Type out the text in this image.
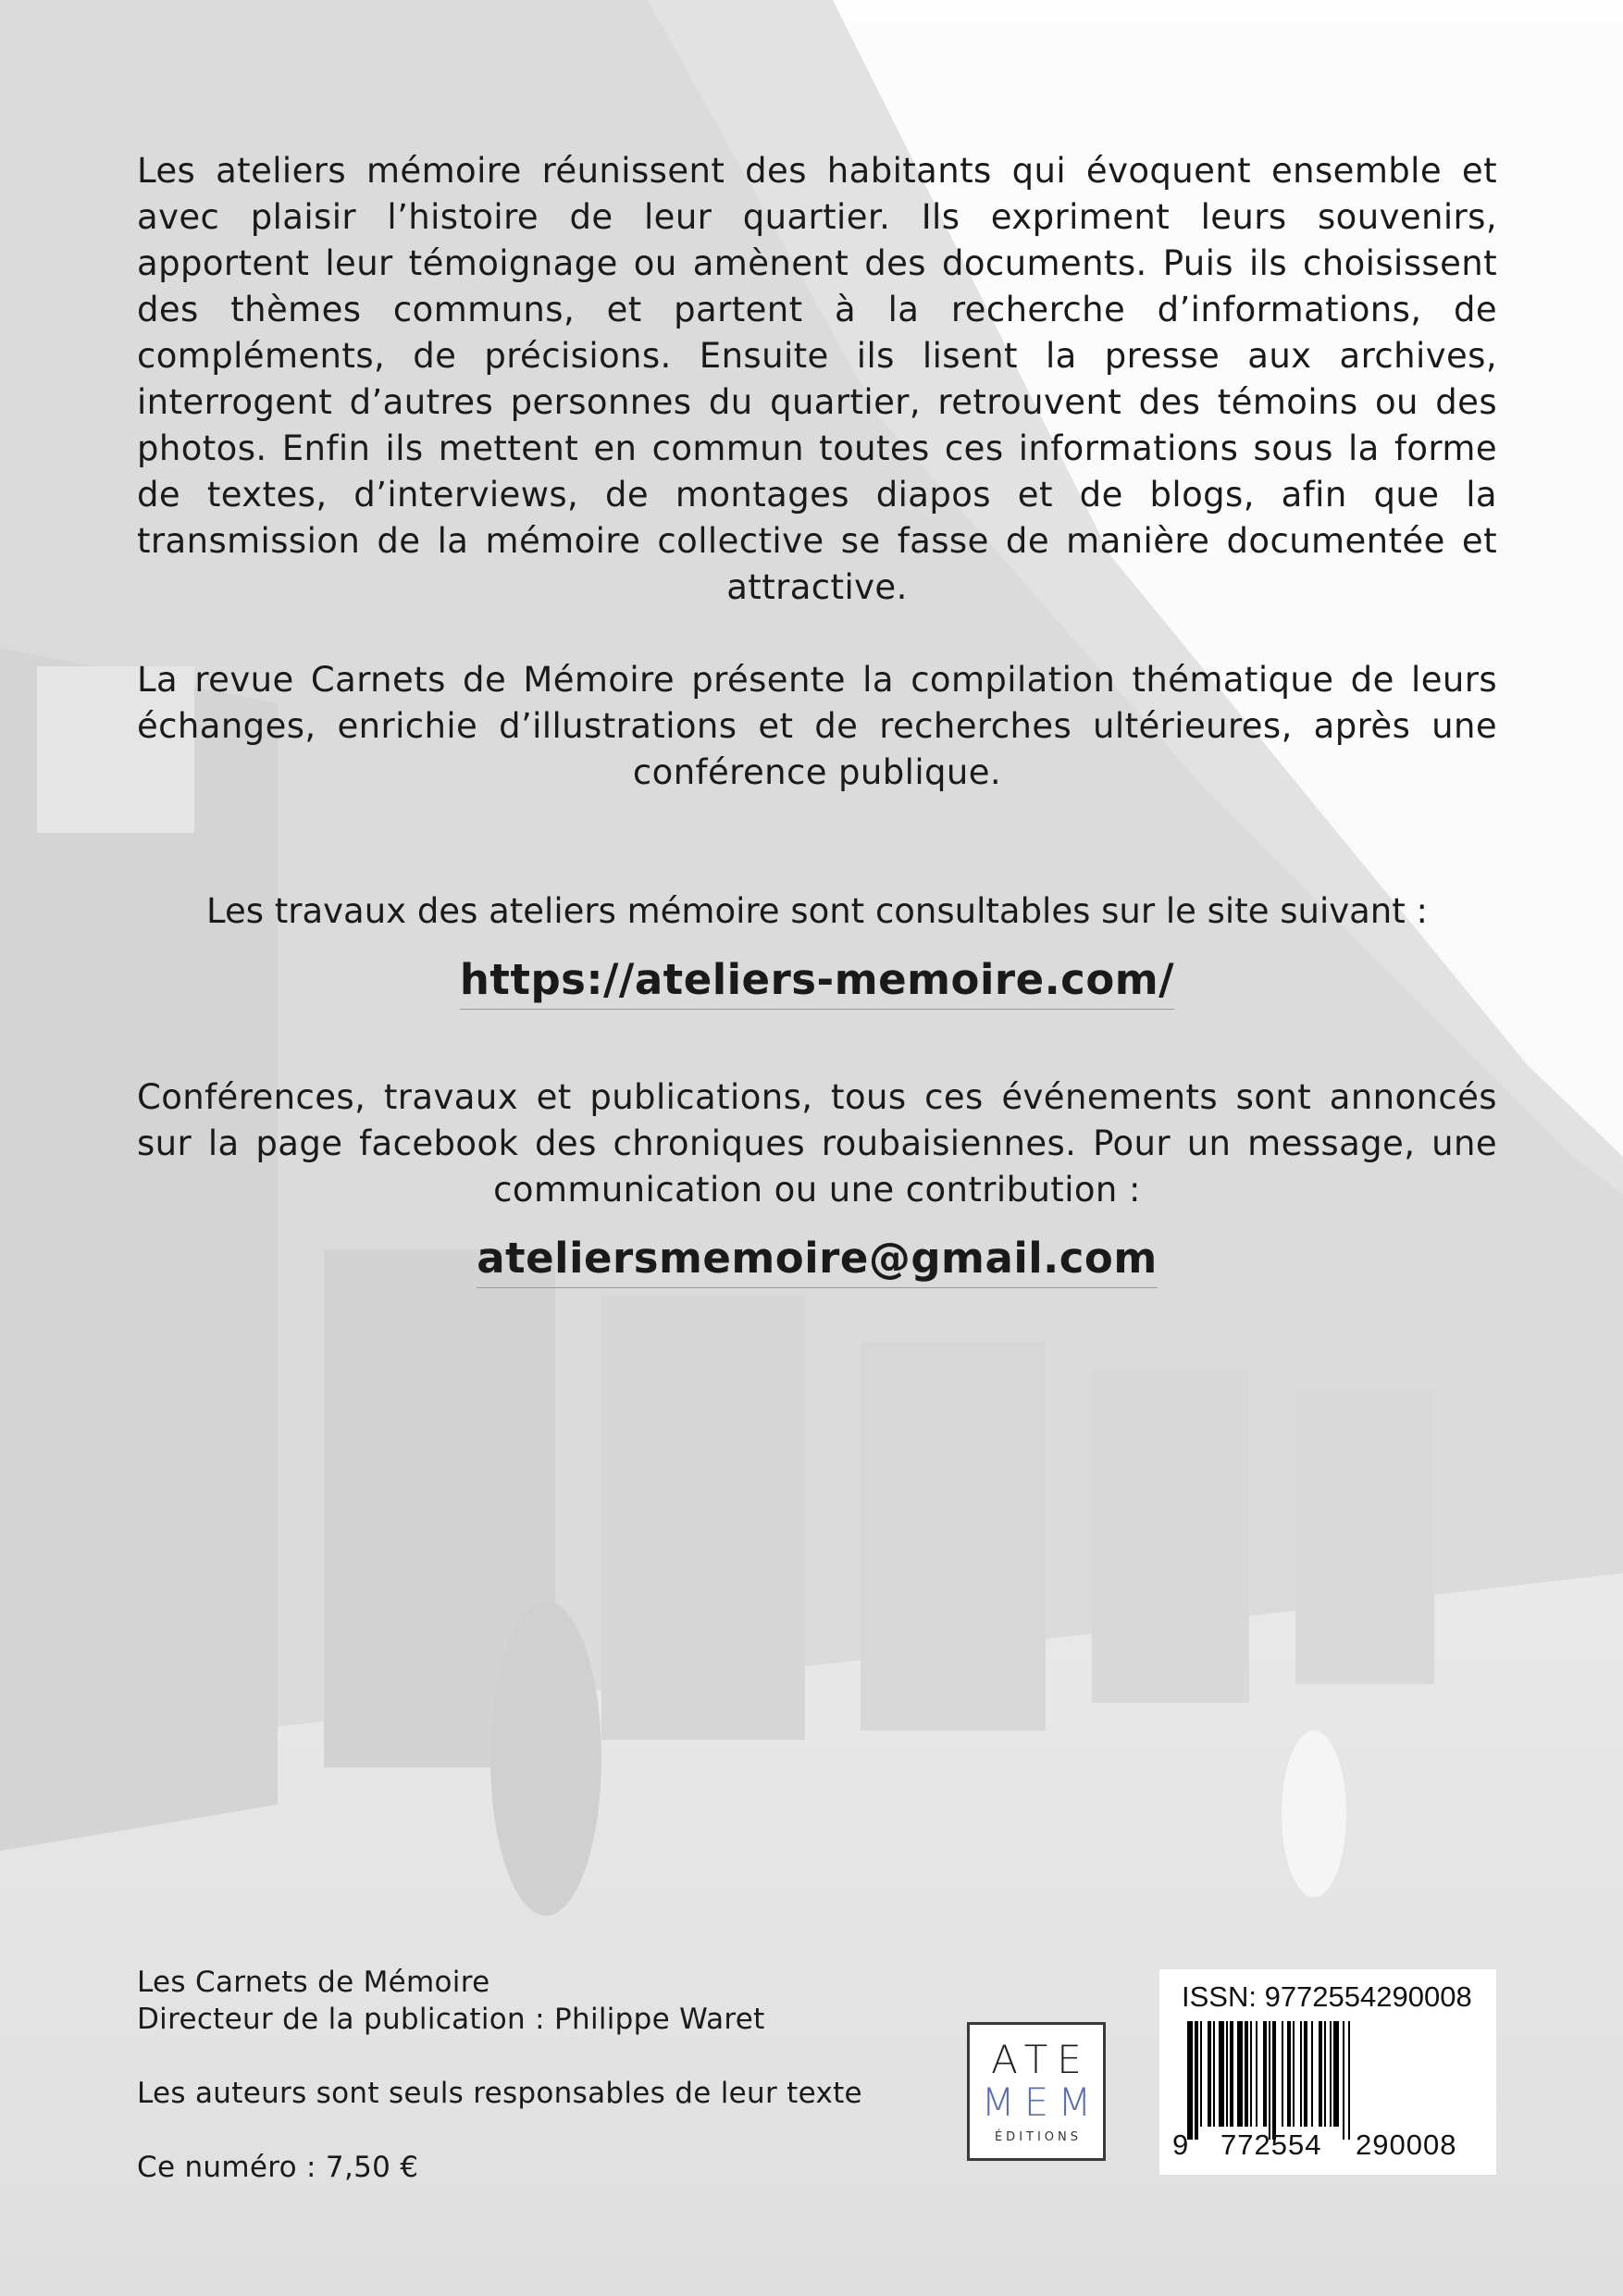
Les ateliers mémoire réunissent des habitants qui évoquent ensemble et avec plaisir l’histoire de leur quartier. Ils expriment leurs souvenirs, apportent leur témoignage ou amènent des documents. Puis ils choisissent des thèmes communs, et partent à la recherche d’informations, de compléments, de précisions. Ensuite ils lisent la presse aux archives, interrogent d’autres personnes du quartier, retrouvent des témoins ou des photos. Enfin ils mettent en commun toutes ces informations sous la forme de textes, d’interviews, de montages diapos et de blogs, afin que la transmission de la mémoire collective se fasse de manière documentée et attractive.

La revue Carnets de Mémoire présente la compilation thématique de leurs échanges, enrichie d’illustrations et de recherches ultérieures, après une conférence publique.

Les travaux des ateliers mémoire sont consultables sur le site suivant :
https://ateliers-memoire.com/

Conférences, travaux et publications, tous ces événements sont annoncés sur la page facebook des chroniques roubaisiennes. Pour un message, une communication ou une contribution :

ateliersmemoire@gmail.com
Les Carnets de Mémoire
Directeur de la publication : Philippe Waret
Les auteurs sont seuls responsables de leur texte
Ce numéro : 7,50 €
ATE
MEM
ÉDITIONS
ISSN: 9772554290008
9 772554 290008
